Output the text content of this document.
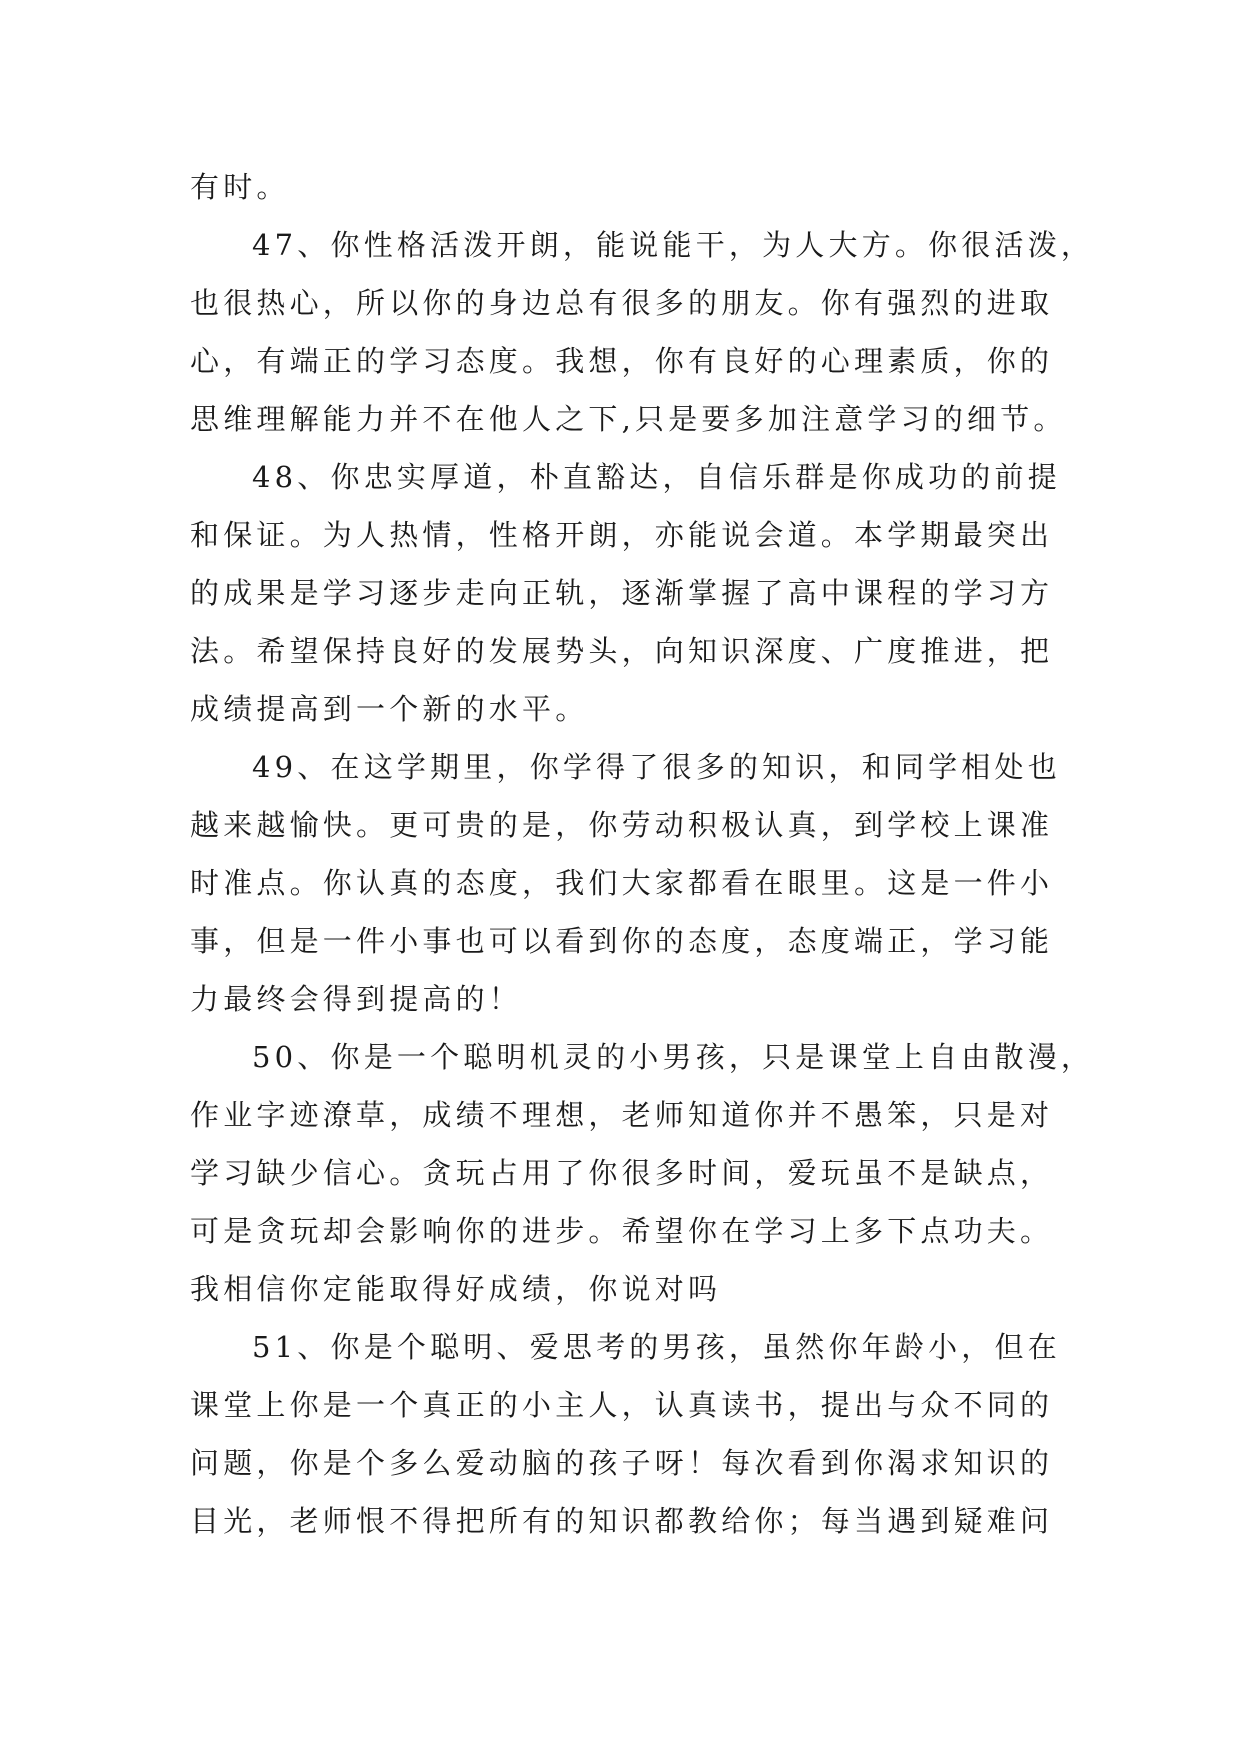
有时。
47、你性格活泼开朗，能说能干，为人大方。你很活泼，
也很热心，所以你的身边总有很多的朋友。你有强烈的进取
心，有端正的学习态度。我想，你有良好的心理素质，你的
思维理解能力并不在他人之下,只是要多加注意学习的细节。
48、你忠实厚道，朴直豁达，自信乐群是你成功的前提
和保证。为人热情，性格开朗，亦能说会道。本学期最突出
的成果是学习逐步走向正轨，逐渐掌握了高中课程的学习方
法。希望保持良好的发展势头，向知识深度、广度推进，把
成绩提高到一个新的水平。
49、在这学期里，你学得了很多的知识，和同学相处也
越来越愉快。更可贵的是，你劳动积极认真，到学校上课准
时准点。你认真的态度，我们大家都看在眼里。这是一件小
事，但是一件小事也可以看到你的态度，态度端正，学习能
力最终会得到提高的！
50、你是一个聪明机灵的小男孩，只是课堂上自由散漫，
作业字迹潦草，成绩不理想，老师知道你并不愚笨，只是对
学习缺少信心。贪玩占用了你很多时间，爱玩虽不是缺点，
可是贪玩却会影响你的进步。希望你在学习上多下点功夫。
我相信你定能取得好成绩，你说对吗
51、你是个聪明、爱思考的男孩，虽然你年龄小，但在
课堂上你是一个真正的小主人，认真读书，提出与众不同的
问题，你是个多么爱动脑的孩子呀！每次看到你渴求知识的
目光，老师恨不得把所有的知识都教给你；每当遇到疑难问
